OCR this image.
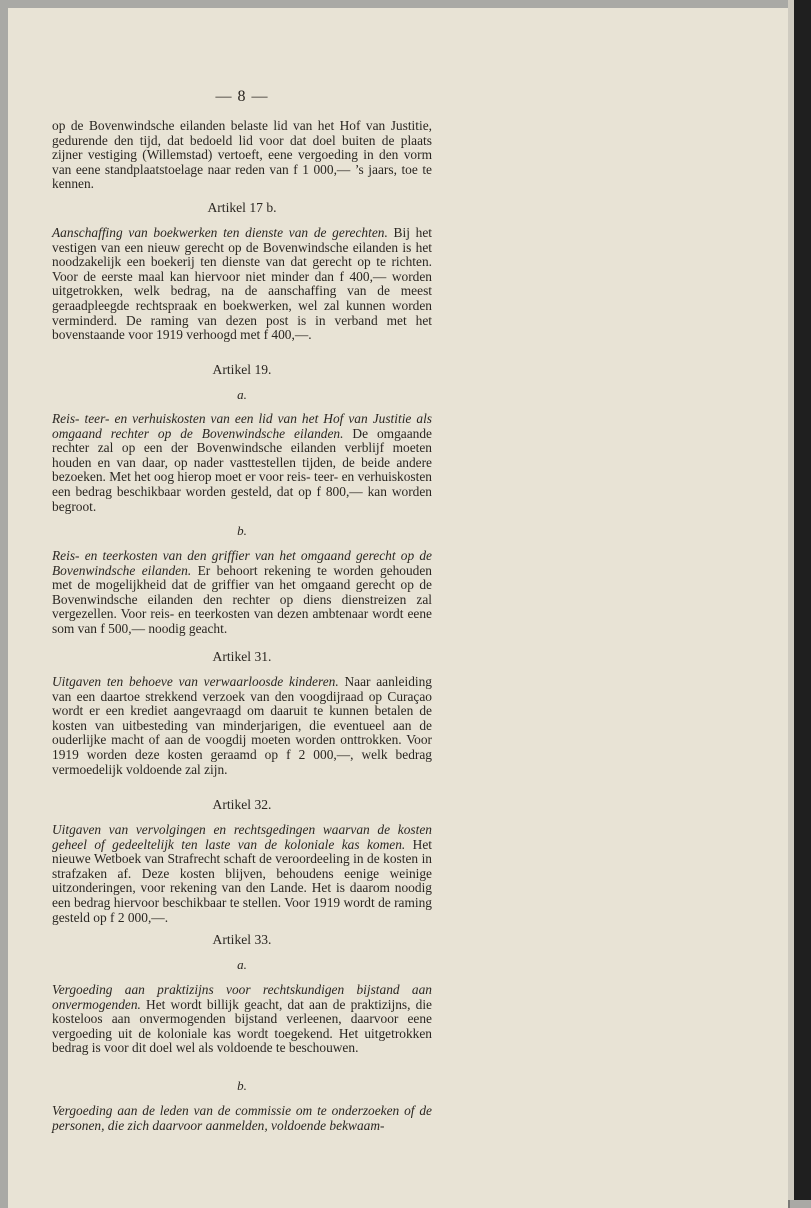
— 8 —

op de Bovenwindsche eilanden belaste lid van het Hof van Justitie, gedurende den tijd, dat bedoeld lid voor dat doel buiten de plaats zijner vestiging (Willemstad) vertoeft, eene vergoeding in den vorm van eene standplaatstoelage naar reden van f 1 000,— ’s jaars, toe te kennen.

Artikel 17 b.

Aanschaffing van boekwerken ten dienste van de gerechten. Bij het vestigen van een nieuw gerecht op de Bovenwindsche eilanden is het noodzakelijk een boekerij ten dienste van dat gerecht op te richten. Voor de eerste maal kan hiervoor niet minder dan f 400,— worden uitgetrokken, welk bedrag, na de aanschaffing van de meest geraadpleegde rechtspraak en boekwerken, wel zal kunnen worden verminderd. De raming van dezen post is in verband met het bovenstaande voor 1919 verhoogd met f 400,—.

Artikel 19.
a.

Reis- teer- en verhuiskosten van een lid van het Hof van Justitie als omgaand rechter op de Bovenwindsche eilanden. De omgaande rechter zal op een der Bovenwindsche eilanden verblijf moeten houden en van daar, op nader vasttestellen tijden, de beide andere bezoeken. Met het oog hierop moet er voor reis- teer- en verhuiskosten een bedrag beschikbaar worden gesteld, dat op f 800,— kan worden begroot.

b.

Reis- en teerkosten van den griffier van het omgaand gerecht op de Bovenwindsche eilanden. Er behoort rekening te worden gehouden met de mogelijkheid dat de griffier van het omgaand gerecht op de Bovenwindsche eilanden den rechter op diens dienstreizen zal vergezellen. Voor reis- en teerkosten van dezen ambtenaar wordt eene som van f 500,— noodig geacht.

Artikel 31.

Uitgaven ten behoeve van verwaarloosde kinderen. Naar aanleiding van een daartoe strekkend verzoek van den voogdijraad op Curaçao wordt er een krediet aangevraagd om daaruit te kunnen betalen de kosten van uitbesteding van minderjarigen, die eventueel aan de ouderlijke macht of aan de voogdij moeten worden onttrokken. Voor 1919 worden deze kosten geraamd op f 2 000,—, welk bedrag vermoedelijk voldoende zal zijn.

Artikel 32.

Uitgaven van vervolgingen en rechtsgedingen waarvan de kosten geheel of gedeeltelijk ten laste van de koloniale kas komen. Het nieuwe Wetboek van Strafrecht schaft de veroordeeling in de kosten in strafzaken af. Deze kosten blijven, behoudens eenige weinige uitzonderingen, voor rekening van den Lande. Het is daarom noodig een bedrag hiervoor beschikbaar te stellen. Voor 1919 wordt de raming gesteld op f 2 000,—.

Artikel 33.
a.

Vergoeding aan praktizijns voor rechtskundigen bijstand aan onvermogenden. Het wordt billijk geacht, dat aan de praktizijns, die kosteloos aan onvermogenden bijstand verleenen, daarvoor eene vergoeding uit de koloniale kas wordt toegekend. Het uitgetrokken bedrag is voor dit doel wel als voldoende te beschouwen.

b.

Vergoeding aan de leden van de commissie om te onderzoeken of de personen, die zich daarvoor aanmelden, voldoende bekwaam-
